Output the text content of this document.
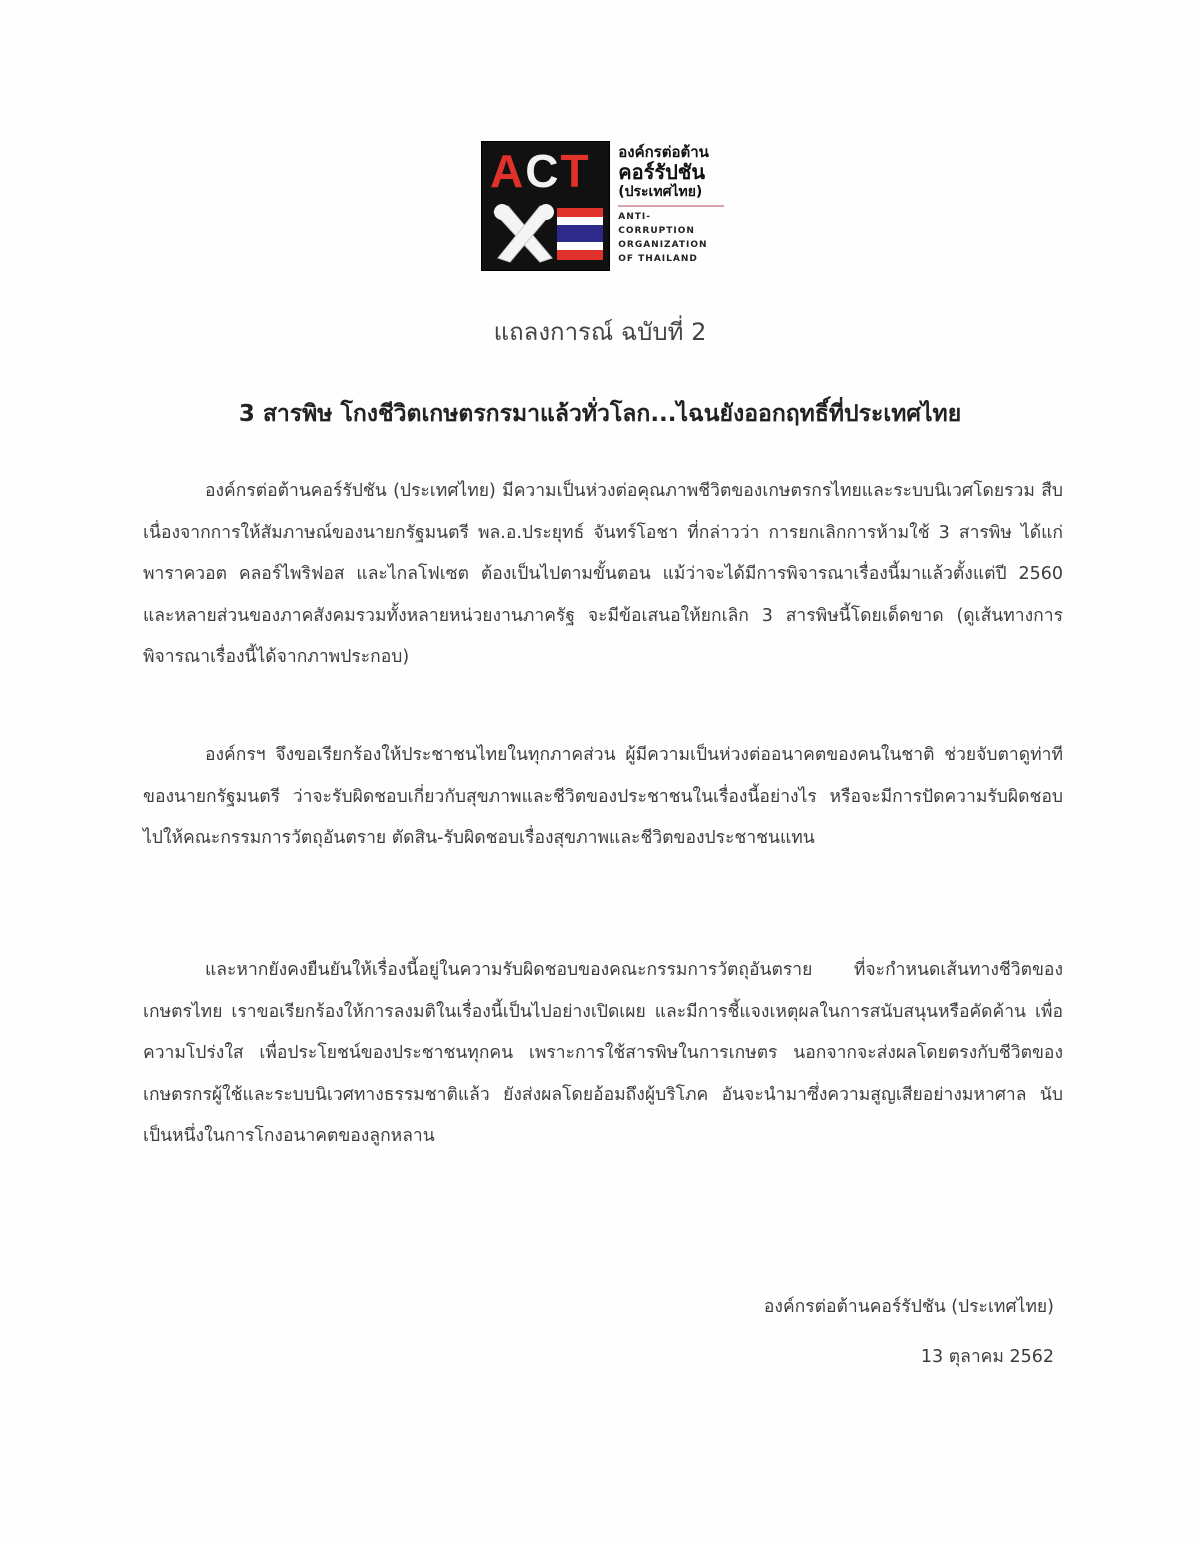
ACT องค์กรต่อต้าน
คอร์รัปชัน
(ประเทศไทย)
ANTI-CORRUPTION
ORGANIZATION
OF THAILAND
แถลงการณ์ ฉบับที่ 2
3 สารพิษ โกงชีวิตเกษตรกรมาแล้วทั่วโลก...ไฉนยังออกฤทธิ์ที่ประเทศไทย
องค์กรต่อต้านคอร์รัปชัน (ประเทศไทย) มีความเป็นห่วงต่อคุณภาพชีวิตของเกษตรกรไทยและระบบนิเวศโดยรวม สืบเนื่องจากการให้สัมภาษณ์ของนายกรัฐมนตรี พล.อ.ประยุทธ์ จันทร์โอชา ที่กล่าวว่า การยกเลิกการห้ามใช้ 3 สารพิษ ได้แก่ พาราควอต คลอร์ไพริฟอส และไกลโฟเซต ต้องเป็นไปตามขั้นตอน แม้ว่าจะได้มีการพิจารณาเรื่องนี้มาแล้วตั้งแต่ปี 2560 และหลายส่วนของภาคสังคมรวมทั้งหลายหน่วยงานภาครัฐ จะมีข้อเสนอให้ยกเลิก 3 สารพิษนี้โดยเด็ดขาด (ดูเส้นทางการพิจารณาเรื่องนี้ได้จากภาพประกอบ)
องค์กรฯ จึงขอเรียกร้องให้ประชาชนไทยในทุกภาคส่วน ผู้มีความเป็นห่วงต่ออนาคตของคนในชาติ ช่วยจับตาดูท่าทีของนายกรัฐมนตรี ว่าจะรับผิดชอบเกี่ยวกับสุขภาพและชีวิตของประชาชนในเรื่องนี้อย่างไร หรือจะมีการปัดความรับผิดชอบไปให้คณะกรรมการวัตถุอันตราย ตัดสิน-รับผิดชอบเรื่องสุขภาพและชีวิตของประชาชนแทน
และหากยังคงยืนยันให้เรื่องนี้อยู่ในความรับผิดชอบของคณะกรรมการวัตถุอันตราย ที่จะกำหนดเส้นทางชีวิตของเกษตรไทย เราขอเรียกร้องให้การลงมติในเรื่องนี้เป็นไปอย่างเปิดเผย และมีการชี้แจงเหตุผลในการสนับสนุนหรือคัดค้าน เพื่อความโปร่งใส เพื่อประโยชน์ของประชาชนทุกคน เพราะการใช้สารพิษในการเกษตร นอกจากจะส่งผลโดยตรงกับชีวิตของเกษตรกรผู้ใช้และระบบนิเวศทางธรรมชาติแล้ว ยังส่งผลโดยอ้อมถึงผู้บริโภค อันจะนำมาซึ่งความสูญเสียอย่างมหาศาล นับเป็นหนึ่งในการโกงอนาคตของลูกหลาน
องค์กรต่อต้านคอร์รัปชัน (ประเทศไทย)
13 ตุลาคม 2562
